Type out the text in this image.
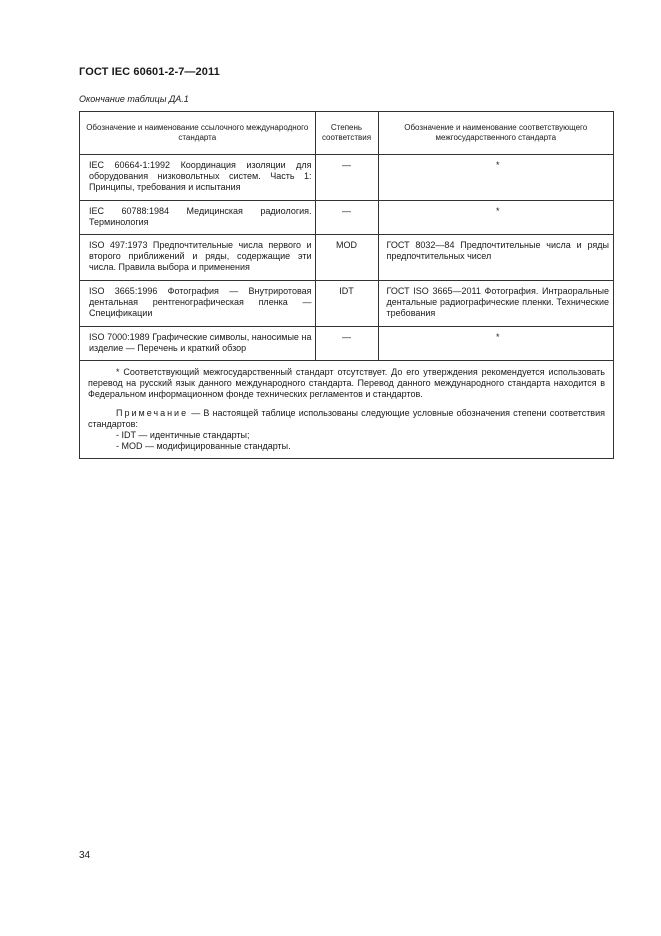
ГОСТ IEC 60601-2-7—2011
Окончание таблицы ДА.1
Обозначение и наименование ссылочного международного стандарта	Степень соответствия	Обозначение и наименование соответствующего межгосударственного стандарта
IEC 60664-1:1992 Координация изоляции для оборудования низковольтных систем. Часть 1: Принципы, требования и испытания	—	*
IEC 60788:1984 Медицинская радиология. Терминология	—	*
ISO 497:1973 Предпочтительные числа первого и второго приближений и ряды, содержащие эти числа. Правила выбора и применения	MOD	ГОСТ 8032—84 Предпочтительные числа и ряды предпочтительных чисел
ISO 3665:1996 Фотография — Внутриротовая дентальная рентгенографическая пленка — Спецификации	IDT	ГОСТ ISO 3665—2011 Фотография. Интраоральные дентальные радиографические пленки. Технические требования
ISO 7000:1989 Графические символы, наносимые на изделие — Перечень и краткий обзор	—	*

* Соответствующий межгосударственный стандарт отсутствует. До его утверждения рекомендуется использовать перевод на русский язык данного международного стандарта. Перевод данного международного стандарта находится в Федеральном информационном фонде технических регламентов и стандартов.

Примечание — В настоящей таблице использованы следующие условные обозначения степени соответствия стандартов:

- IDT — идентичные стандарты;
- MOD — модифицированные стандарты.		
34
